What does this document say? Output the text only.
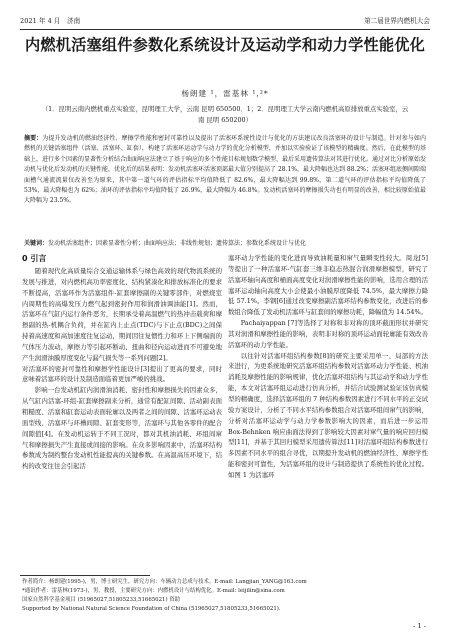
2021 年 4 月　济南	第二届世界内燃机大会
内燃机活塞组件参数化系统设计及运动学和动力学性能优化
杨朗建 ¹，雷基林 ¹,²*
（1．昆明云南内燃机重点实验室，昆明理工大学，云南 昆明 650500．1；2．昆明理工大学云南内燃机高原排放重点实验室，云南 昆明 650200）
摘要：为提升发动机的燃油经济性、摩擦学性能和密封可靠性以及提出了活塞环系统性设计与优化的方法建议改良活塞环的设计与制造。针对参与如内燃机的关键活塞组件（活塞、活塞环、缸套），构建了活塞环运动学与动力学的优化分析模型，并加以实验验证了该模型的精确度。然后，在此模型的基础上，进行多个因素的显著性分析结合曲面响应法建立了基于响应的多个性能目标规划数学模型，最后采用遗传算法对其进行优化。通过对比分析原始发动机与优化后发动机的关键性能，优化后的结果表明：发动机活塞环活塞顶部最大值分别提高了 28.1%，最大降幅也达到 88.2%；活塞环组底侧间隙端面槽气通流流量仅改善至为原来，其中第一道气环的评估指标平均值降低了 82.6%，最大降幅达到 99.8%，第二道气环的评估指标平均值降低了 53%，最大降幅也为 62%；油环的评估指标平均值降低了 26.9%，最大降幅为 46.8%。发动机活塞环的摩擦损失功也有明显的改善，相比较原始值最大降幅为 23.5%。
关键词：发动机活塞组件；因素显著性分析；曲面响应法；非线性规划；遗传算法；参数化系统设计与优化
0 引言

随着现代化高质量综合交通运输体系与绿色高效的现代物流系统的发展与推进，对内燃机高功率密度化、结构紧凑化和排放标准化的要求不断提高，活塞环作为活塞组件-缸套摩擦副的关键零部件，对燃烧室内周期性的高爆发压力燃气起到密封作用和润滑油调油能[1]。然而，活塞环在气缸内运行条件恶劣，长期承受着高温燃气的热冲击载荷和摩擦副的热-机耦合负荷，并在缸内上止点(TDC)与下止点(BDC)之间保持着高速度和高加速度往复运动，期间因往复惯性力和环上下侧端面的气体压力波动，摩擦力等引起环断动、扭曲和径向运动进而不可避免地产生润滑油膜厚度变化与漏气损失等一系列问题[2]。

对活塞环的密封可靠性和摩擦学性能设计[3]提出了更高的要求，同时意味着活塞环的设计及制造面临着更加严峻的挑战。

影响一台发动机缸内润滑油消耗、密封性和摩擦损失的因素众多，从气缸内活塞-环组-缸套摩擦副来分析，通常有配缸间隙、活动副表面粗糙度、活塞和缸套运动表面轮廓以及两者之间的间隙、活塞环运动表面型线、活塞环与环槽间隙、缸套变形等，活塞环与其他各零件的配合间隙值[4]。在发动机运转于不同工况时，都对其机油消耗、环组间窜气和摩擦损失产生直接或间接的影响。在众多影响因素中，活塞环结构参数成为制约整台发动机性能提高的关键参数。在高温高压环境下，结构的改变往往会引起活

塞环动力学性能的变化进而导致油耗量和窜气量瞬变性较大。周龙[5]等提出了一种活塞环-气缸套三维非稳态热混合润滑摩擦模型，研究了活塞环轴向高度和桶面高度变化对润滑摩擦性能的影响，选用合理的活塞环运动轴向高度大小会使最小油膜厚度降低 74.5%，最大摩擦力降低 57.1%。李钢[6]通过改变摩擦副活塞环结构参数变化，改进后的参数组合降低了发动机活塞环与缸套间的摩擦功耗，降幅值为 14.54%。

Pachaiyappan [7]等选择了对称和非对称的顶环截面形状并研究其对润滑和摩擦性能的影响，表明非对称的顶环运动面轮廓能有效改善活塞环的动力学性能。

以往针对活塞环组结构参数[8]的研究主要采用单一、局部的方法来进行，为更系统地研究活塞环组结构参数对活塞环动力学性能、机油消耗及摩擦性能的影响规律，优化活塞环组结构与其运动学和动力学性能，本文对活塞环组运动进行仿真分析，并结合试验测试验证该仿真模型的精确度，选择活塞环组的 7 种结构参数因素进行不同水平的正交试验方案设计，分析了不同水平结构参数组合对活塞环组间窜气的影响，分析对活塞环运动学与动力学参数影响大的因素，而后进一步运用 Box-Behnken 响应曲面法得到了影响较大因素对窜气量的响应回归模型[11]，并基于其回归模型采用遗传算法[11]对活塞环组结构参数进行多因素不同水平的组合寻优，以期提升发动机的燃油经济性、摩擦学性能和密封可靠性，为活塞环组的设计与制造提供了系统性的优化过程。如图 1 为活塞环

作者简介：杨朗建(1995-)，男，博士研究生，研究方向：车辆动力总成与技术。E-mail: Langjian_YANG@163.com
*通讯作者：雷基林(1973-)，男，教授，主要研究方向：内燃机设计与结构优化。E-mail: leijilin@sina.com
国家自然科学基金项目 (51965027,51805233,51665021) 资助
Supported by National Natural Science Foundation of China (51965027,51805233,51665021).
- 1 -
